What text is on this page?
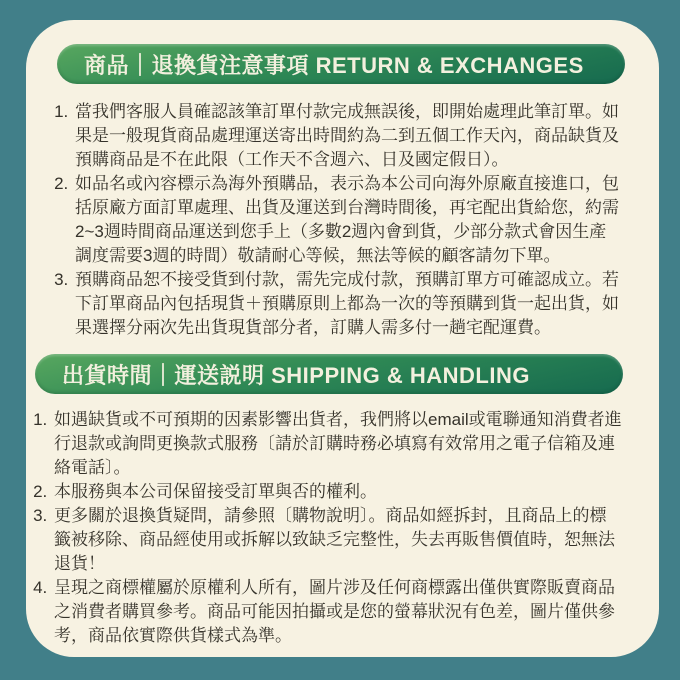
商品｜退換貨注意事項 RETURN & EXCHANGES
1. 當我們客服人員確認該筆訂單付款完成無誤後，即開始處理此筆訂單。如果是一般現貨商品處理運送寄出時間約為二到五個工作天內，商品缺貨及預購商品是不在此限（工作天不含週六、日及國定假日）。
2. 如品名或內容標示為海外預購品，表示為本公司向海外原廠直接進口，包括原廠方面訂單處理、出貨及運送到台灣時間後，再宅配出貨給您，約需2~3週時間商品運送到您手上（多數2週內會到貨，少部分款式會因生產調度需要3週的時間）敬請耐心等候，無法等候的顧客請勿下單。
3. 預購商品恕不接受貨到付款，需先完成付款，預購訂單方可確認成立。若下訂單商品內包括現貨＋預購原則上都為一次的等預購到貨一起出貨，如果選擇分兩次先出貨現貨部分者，訂購人需多付一趟宅配運費。
出貨時間｜運送説明 SHIPPING & HANDLING
1. 如遇缺貨或不可預期的因素影響出貨者，我們將以email或電聯通知消費者進行退款或詢問更換款式服務〔請於訂購時務必填寫有效常用之電子信箱及連絡電話〕。
2. 本服務與本公司保留接受訂單與否的權利。
3. 更多關於退換貨疑問，請參照〔購物說明〕。商品如經拆封，且商品上的標籤被移除、商品經使用或拆解以致缺乏完整性，失去再販售價值時，恕無法退貨！
4. 呈現之商標權屬於原權利人所有，圖片涉及任何商標露出僅供實際販賣商品之消費者購買參考。商品可能因拍攝或是您的螢幕狀況有色差，圖片僅供參考，商品依實際供貨樣式為準。
